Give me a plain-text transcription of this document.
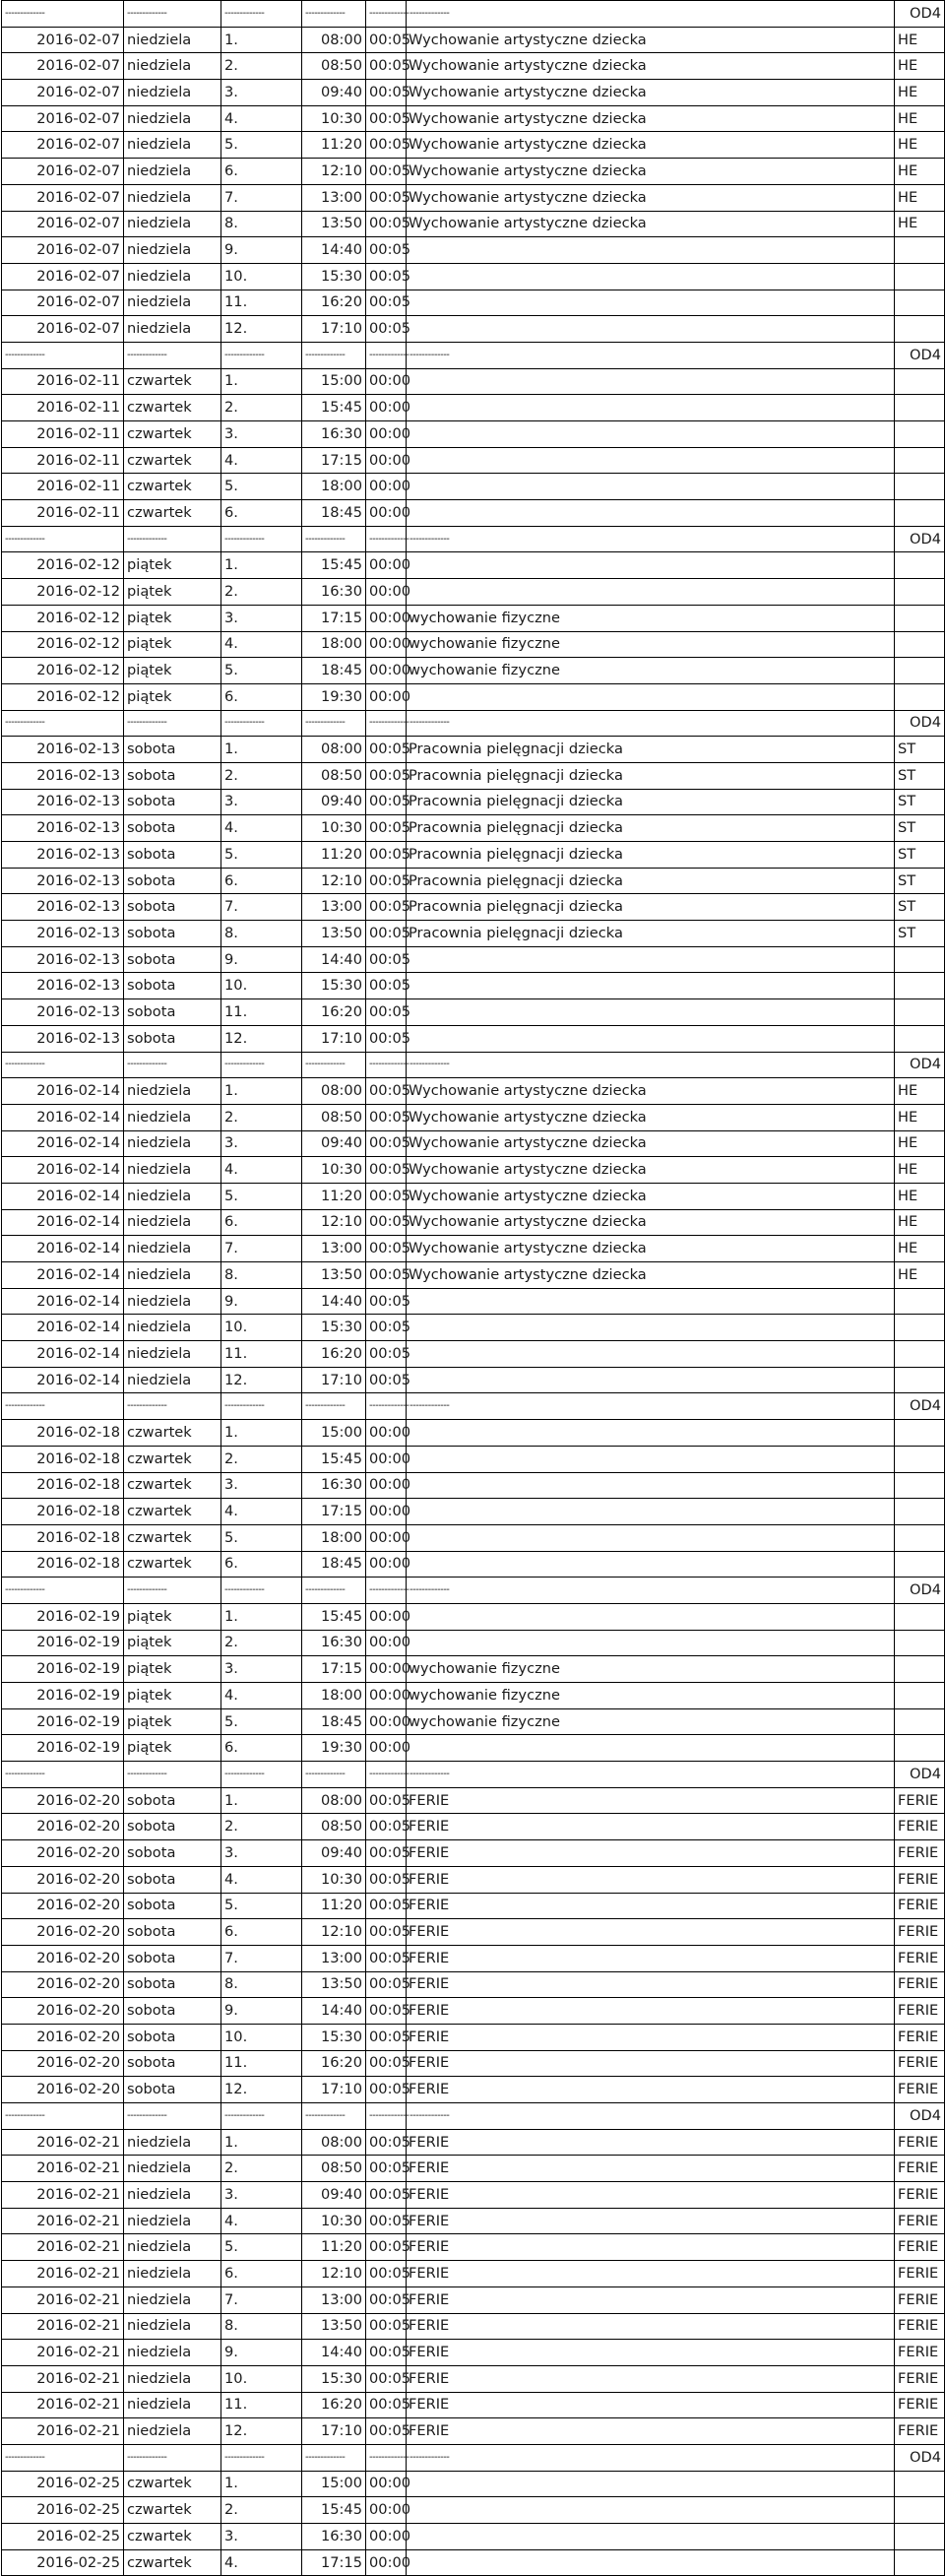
-------------	-------------	-------------	-------------	-------------	-------------	OD4
2016-02-07	niedziela	1.	08:00	00:05	Wychowanie artystyczne dziecka	HE
2016-02-07	niedziela	2.	08:50	00:05	Wychowanie artystyczne dziecka	HE
2016-02-07	niedziela	3.	09:40	00:05	Wychowanie artystyczne dziecka	HE
2016-02-07	niedziela	4.	10:30	00:05	Wychowanie artystyczne dziecka	HE
2016-02-07	niedziela	5.	11:20	00:05	Wychowanie artystyczne dziecka	HE
2016-02-07	niedziela	6.	12:10	00:05	Wychowanie artystyczne dziecka	HE
2016-02-07	niedziela	7.	13:00	00:05	Wychowanie artystyczne dziecka	HE
2016-02-07	niedziela	8.	13:50	00:05	Wychowanie artystyczne dziecka	HE
2016-02-07	niedziela	9.	14:40	00:05		
2016-02-07	niedziela	10.	15:30	00:05		
2016-02-07	niedziela	11.	16:20	00:05		
2016-02-07	niedziela	12.	17:10	00:05		
-------------	-------------	-------------	-------------	-------------	-------------	OD4
2016-02-11	czwartek	1.	15:00	00:00		
2016-02-11	czwartek	2.	15:45	00:00		
2016-02-11	czwartek	3.	16:30	00:00		
2016-02-11	czwartek	4.	17:15	00:00		
2016-02-11	czwartek	5.	18:00	00:00		
2016-02-11	czwartek	6.	18:45	00:00		
-------------	-------------	-------------	-------------	-------------	-------------	OD4
2016-02-12	piątek	1.	15:45	00:00		
2016-02-12	piątek	2.	16:30	00:00		
2016-02-12	piątek	3.	17:15	00:00	wychowanie fizyczne	
2016-02-12	piątek	4.	18:00	00:00	wychowanie fizyczne	
2016-02-12	piątek	5.	18:45	00:00	wychowanie fizyczne	
2016-02-12	piątek	6.	19:30	00:00		
-------------	-------------	-------------	-------------	-------------	-------------	OD4
2016-02-13	sobota	1.	08:00	00:05	Pracownia pielęgnacji dziecka	ST
2016-02-13	sobota	2.	08:50	00:05	Pracownia pielęgnacji dziecka	ST
2016-02-13	sobota	3.	09:40	00:05	Pracownia pielęgnacji dziecka	ST
2016-02-13	sobota	4.	10:30	00:05	Pracownia pielęgnacji dziecka	ST
2016-02-13	sobota	5.	11:20	00:05	Pracownia pielęgnacji dziecka	ST
2016-02-13	sobota	6.	12:10	00:05	Pracownia pielęgnacji dziecka	ST
2016-02-13	sobota	7.	13:00	00:05	Pracownia pielęgnacji dziecka	ST
2016-02-13	sobota	8.	13:50	00:05	Pracownia pielęgnacji dziecka	ST
2016-02-13	sobota	9.	14:40	00:05		
2016-02-13	sobota	10.	15:30	00:05		
2016-02-13	sobota	11.	16:20	00:05		
2016-02-13	sobota	12.	17:10	00:05		
-------------	-------------	-------------	-------------	-------------	-------------	OD4
2016-02-14	niedziela	1.	08:00	00:05	Wychowanie artystyczne dziecka	HE
2016-02-14	niedziela	2.	08:50	00:05	Wychowanie artystyczne dziecka	HE
2016-02-14	niedziela	3.	09:40	00:05	Wychowanie artystyczne dziecka	HE
2016-02-14	niedziela	4.	10:30	00:05	Wychowanie artystyczne dziecka	HE
2016-02-14	niedziela	5.	11:20	00:05	Wychowanie artystyczne dziecka	HE
2016-02-14	niedziela	6.	12:10	00:05	Wychowanie artystyczne dziecka	HE
2016-02-14	niedziela	7.	13:00	00:05	Wychowanie artystyczne dziecka	HE
2016-02-14	niedziela	8.	13:50	00:05	Wychowanie artystyczne dziecka	HE
2016-02-14	niedziela	9.	14:40	00:05		
2016-02-14	niedziela	10.	15:30	00:05		
2016-02-14	niedziela	11.	16:20	00:05		
2016-02-14	niedziela	12.	17:10	00:05		
-------------	-------------	-------------	-------------	-------------	-------------	OD4
2016-02-18	czwartek	1.	15:00	00:00		
2016-02-18	czwartek	2.	15:45	00:00		
2016-02-18	czwartek	3.	16:30	00:00		
2016-02-18	czwartek	4.	17:15	00:00		
2016-02-18	czwartek	5.	18:00	00:00		
2016-02-18	czwartek	6.	18:45	00:00		
-------------	-------------	-------------	-------------	-------------	-------------	OD4
2016-02-19	piątek	1.	15:45	00:00		
2016-02-19	piątek	2.	16:30	00:00		
2016-02-19	piątek	3.	17:15	00:00	wychowanie fizyczne	
2016-02-19	piątek	4.	18:00	00:00	wychowanie fizyczne	
2016-02-19	piątek	5.	18:45	00:00	wychowanie fizyczne	
2016-02-19	piątek	6.	19:30	00:00		
-------------	-------------	-------------	-------------	-------------	-------------	OD4
2016-02-20	sobota	1.	08:00	00:05	FERIE	FERIE
2016-02-20	sobota	2.	08:50	00:05	FERIE	FERIE
2016-02-20	sobota	3.	09:40	00:05	FERIE	FERIE
2016-02-20	sobota	4.	10:30	00:05	FERIE	FERIE
2016-02-20	sobota	5.	11:20	00:05	FERIE	FERIE
2016-02-20	sobota	6.	12:10	00:05	FERIE	FERIE
2016-02-20	sobota	7.	13:00	00:05	FERIE	FERIE
2016-02-20	sobota	8.	13:50	00:05	FERIE	FERIE
2016-02-20	sobota	9.	14:40	00:05	FERIE	FERIE
2016-02-20	sobota	10.	15:30	00:05	FERIE	FERIE
2016-02-20	sobota	11.	16:20	00:05	FERIE	FERIE
2016-02-20	sobota	12.	17:10	00:05	FERIE	FERIE
-------------	-------------	-------------	-------------	-------------	-------------	OD4
2016-02-21	niedziela	1.	08:00	00:05	FERIE	FERIE
2016-02-21	niedziela	2.	08:50	00:05	FERIE	FERIE
2016-02-21	niedziela	3.	09:40	00:05	FERIE	FERIE
2016-02-21	niedziela	4.	10:30	00:05	FERIE	FERIE
2016-02-21	niedziela	5.	11:20	00:05	FERIE	FERIE
2016-02-21	niedziela	6.	12:10	00:05	FERIE	FERIE
2016-02-21	niedziela	7.	13:00	00:05	FERIE	FERIE
2016-02-21	niedziela	8.	13:50	00:05	FERIE	FERIE
2016-02-21	niedziela	9.	14:40	00:05	FERIE	FERIE
2016-02-21	niedziela	10.	15:30	00:05	FERIE	FERIE
2016-02-21	niedziela	11.	16:20	00:05	FERIE	FERIE
2016-02-21	niedziela	12.	17:10	00:05	FERIE	FERIE
-------------	-------------	-------------	-------------	-------------	-------------	OD4
2016-02-25	czwartek	1.	15:00	00:00		
2016-02-25	czwartek	2.	15:45	00:00		
2016-02-25	czwartek	3.	16:30	00:00		
2016-02-25	czwartek	4.	17:15	00:00		
